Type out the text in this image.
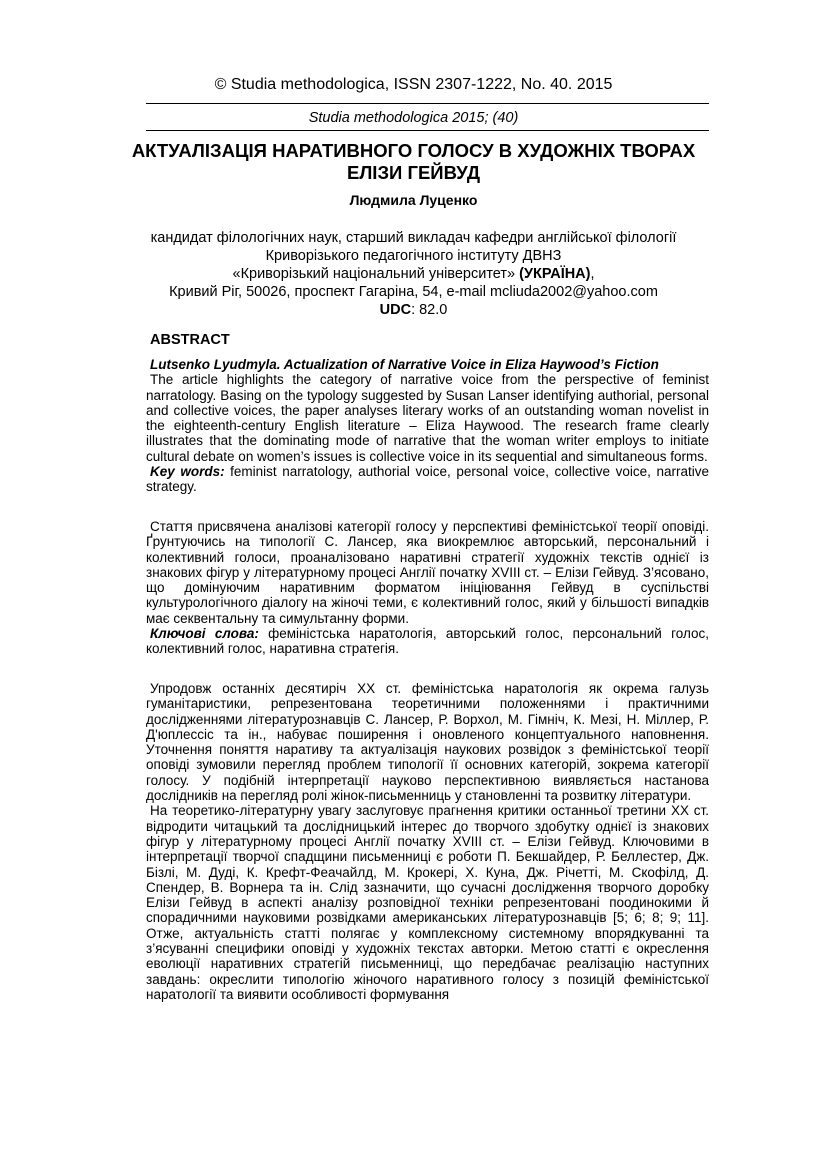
© Studia methodologica, ISSN 2307-1222, No. 40. 2015
Studia methodologica 2015; (40)
АКТУАЛІЗАЦІЯ НАРАТИВНОГО ГОЛОСУ В ХУДОЖНІХ ТВОРАХ ЕЛІЗИ ГЕЙВУД
Людмила Луценко
кандидат філологічних наук, старший викладач кафедри англійської філології
Криворізького педагогічного інституту ДВНЗ
«Криворізький національний університет» (УКРАЇНА),
Кривий Ріг, 50026, проспект Гагаріна, 54, e-mail mcliuda2002@yahoo.com
UDC: 82.0
ABSTRACT

Lutsenko Lyudmyla. Actualization of Narrative Voice in Eliza Haywood’s Fiction

The article highlights the category of narrative voice from the perspective of feminist narratology. Basing on the typology suggested by Susan Lanser identifying authorial, personal and collective voices, the paper analyses literary works of an outstanding woman novelist in the eighteenth-century English literature – Eliza Haywood. The research frame clearly illustrates that the dominating mode of narrative that the woman writer employs to initiate cultural debate on women’s issues is collective voice in its sequential and simultaneous forms.

Key words: feminist narratology, authorial voice, personal voice, collective voice, narrative strategy.

Стаття присвячена аналізові категорії голосу у перспективі феміністської теорії оповіді. Ґрунтуючись на типології С. Лансер, яка виокремлює авторський, персональний і колективний голоси, проаналізовано наративні стратегії художніх текстів однієї із знакових фігур у літературному процесі Англії початку XVIII ст. – Елізи Гейвуд. З’ясовано, що домінуючим наративним форматом ініціювання Гейвуд в суспільстві культурологічного діалогу на жіночі теми, є колективний голос, який у більшості випадків має секвентальну та симультанну форми.

Ключові слова: феміністська наратологія, авторський голос, персональний голос, колективний голос, наративна стратегія.

Упродовж останніх десятиріч XX ст. феміністська наратологія як окрема галузь гуманітаристики, репрезентована теоретичними положеннями і практичними дослідженнями літературознавців С. Лансер, Р. Ворхол, М. Гімніч, К. Мезі, Н. Міллер, Р. Д'юплессіс та ін., набуває поширення і оновленого концептуального наповнення. Уточнення поняття наративу та актуалізація наукових розвідок з феміністської теорії оповіді зумовили перегляд проблем типології її основних категорій, зокрема категорії голосу. У подібній інтерпретації науково перспективною виявляється настанова дослідників на перегляд ролі жінок-письменниць у становленні та розвитку літератури.

На теоретико-літературну увагу заслуговує прагнення критики останньої третини XX ст. відродити читацький та дослідницький інтерес до творчого здобутку однієї із знакових фігур у літературному процесі Англії початку XVIII ст. – Елізи Гейвуд. Ключовими в інтерпретації творчої спадщини письменниці є роботи П. Бекшайдер, Р. Беллестер, Дж. Бізлі, М. Дуді, К. Крефт-Феачайлд, М. Крокері, Х. Куна, Дж. Річетті, М. Скофілд, Д. Спендер, В. Ворнера та ін. Слід зазначити, що сучасні дослідження творчого доробку Елізи Гейвуд в аспекті аналізу розповідної техніки репрезентовані поодинокими й спорадичними науковими розвідками американських літературознавців [5; 6; 8; 9; 11]. Отже, актуальність статті полягає у комплексному системному впорядкуванні та з’ясуванні специфики оповіді у художніх текстах авторки. Метою статті є окреслення еволюції наративних стратегій письменниці, що передбачає реалізацію наступних завдань: окреслити типологію жіночого наративного голосу з позицій феміністської наратології та виявити особливості формування
